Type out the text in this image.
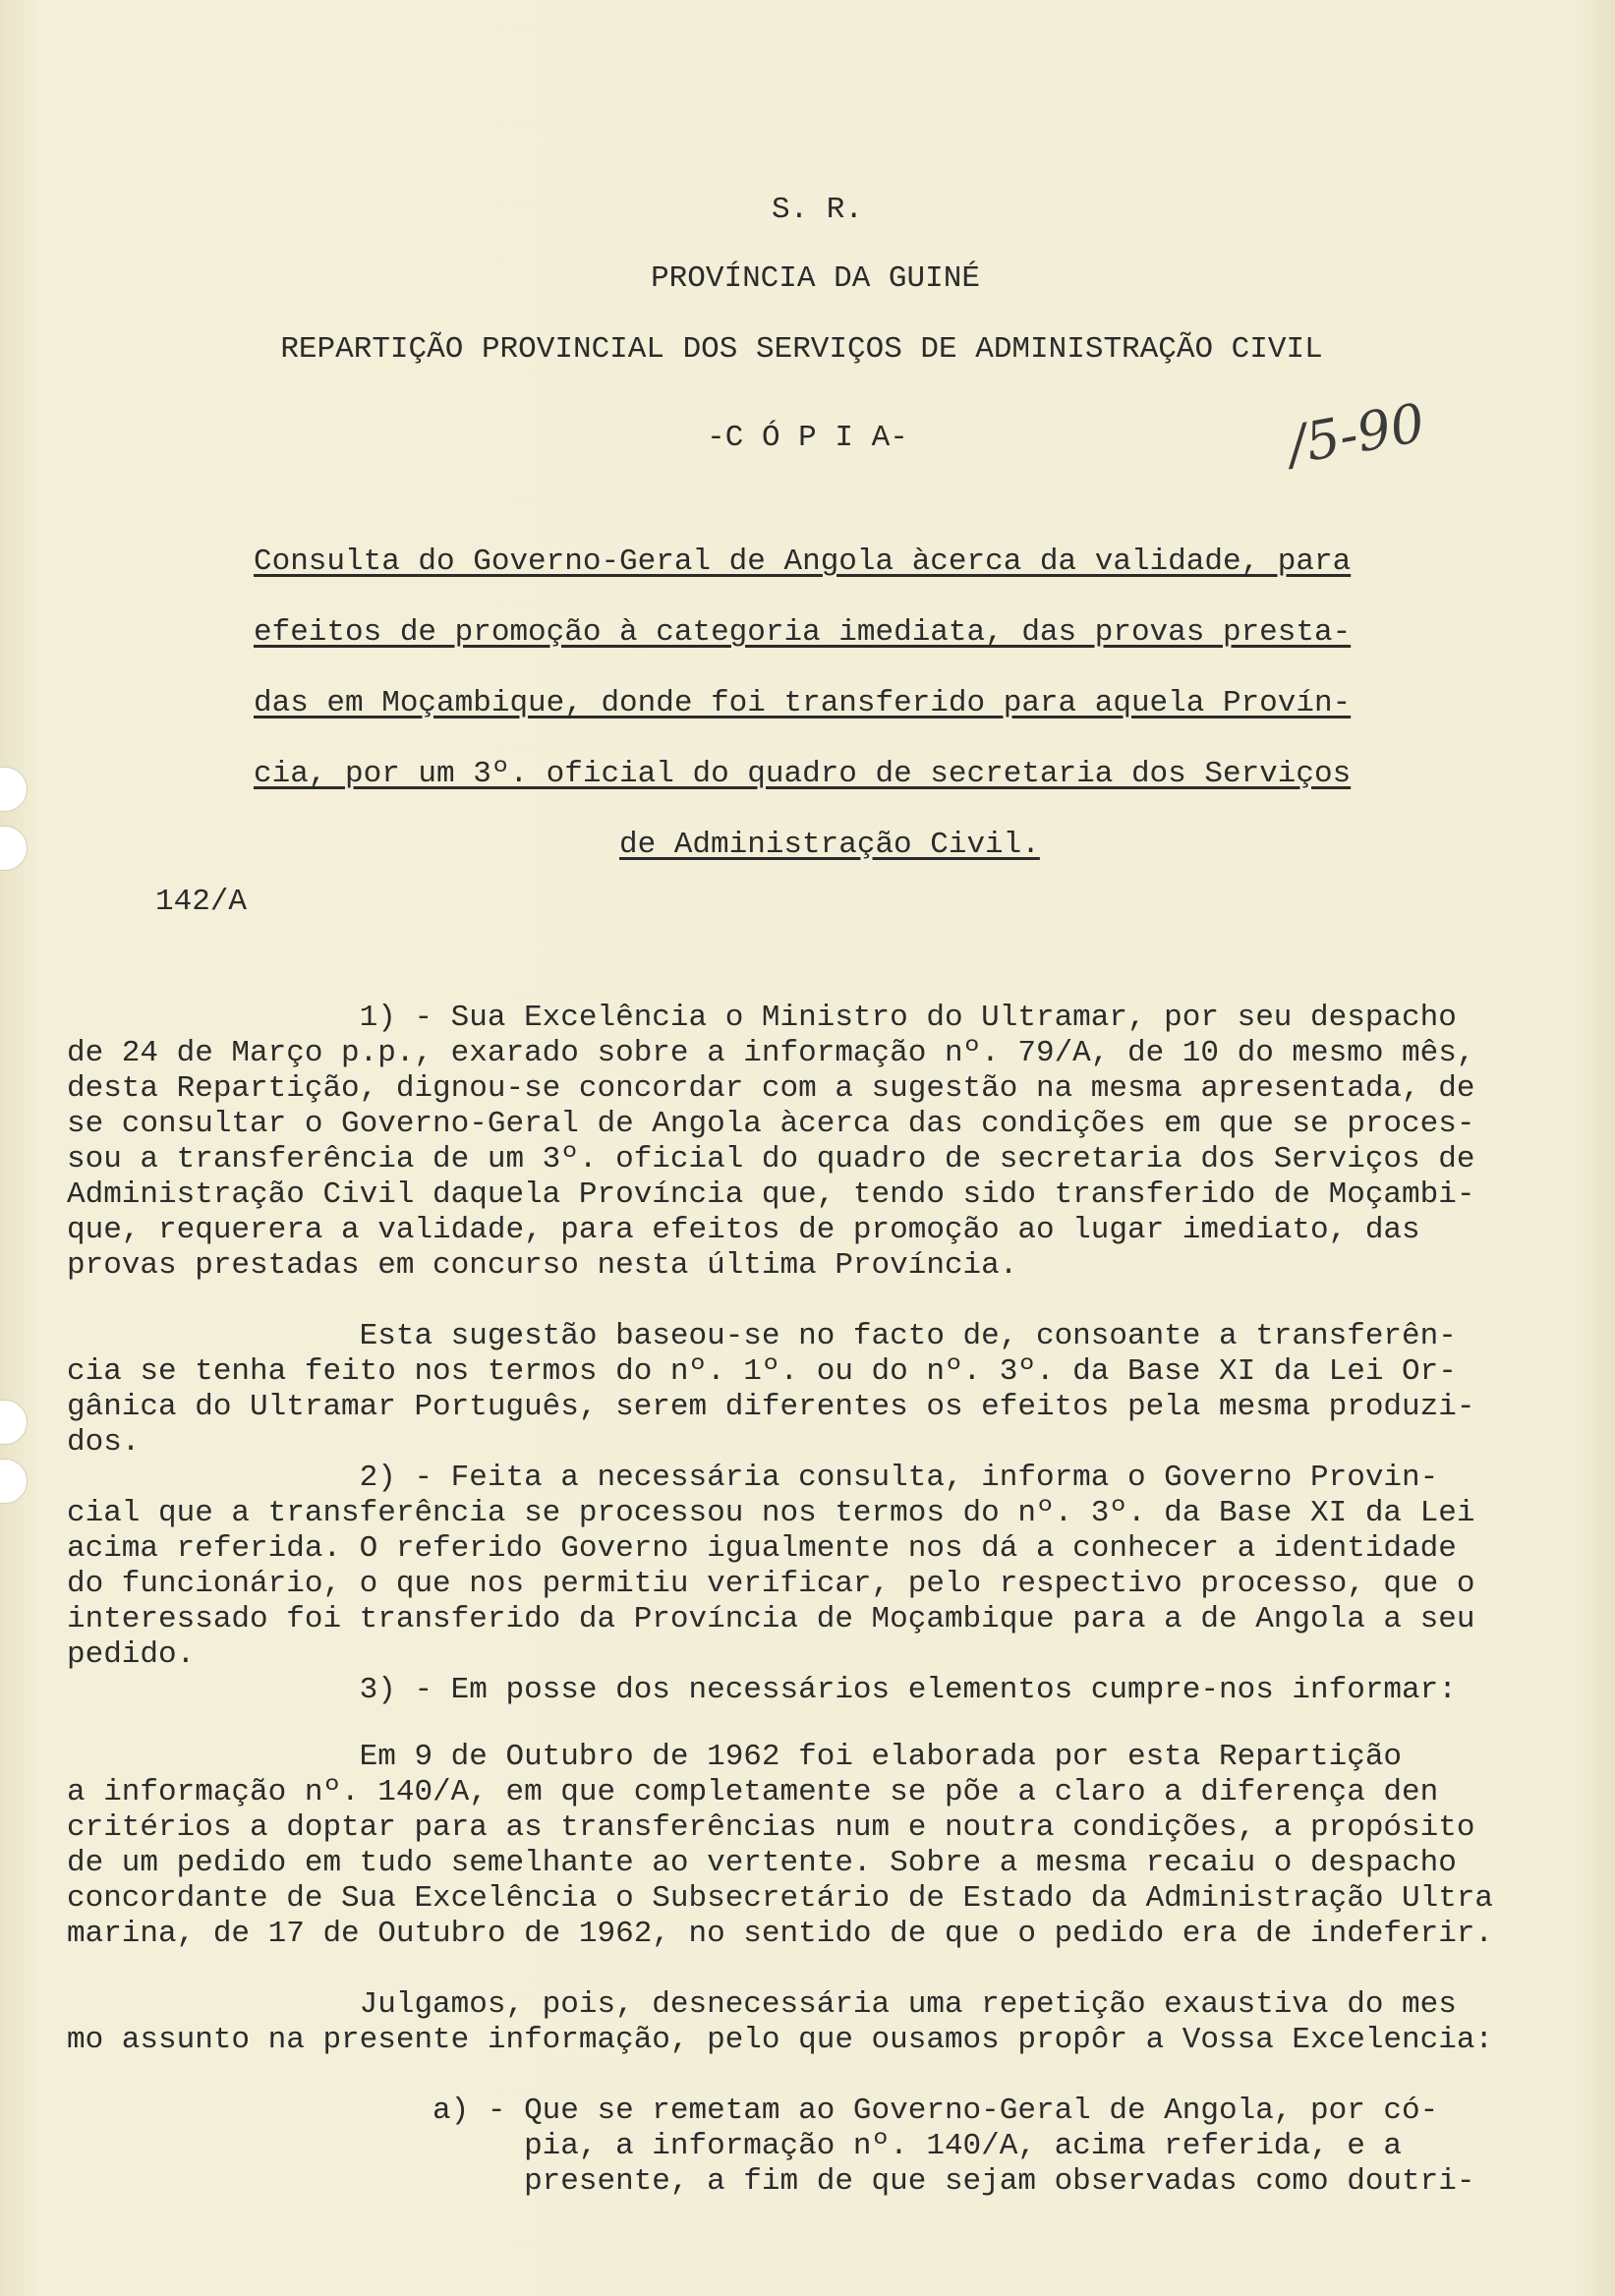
S. R.
PROVÍNCIA DA GUINÉ
REPARTIÇÃO PROVINCIAL DOS SERVIÇOS DE ADMINISTRAÇÃO CIVIL
-C Ó P I A-	/5-90
Consulta do Governo-Geral de Angola àcerca da validade, para
efeitos de promoção à categoria imediata, das provas presta-
das em Moçambique, donde foi transferido para aquela Provín-
cia, por um 3º. oficial do quadro de secretaria dos Serviços
de Administração Civil.
142/A
1) - Sua Excelência o Ministro do Ultramar, por seu despacho
de 24 de Março p.p., exarado sobre a informação nº. 79/A, de 10 do mesmo mês,
desta Repartição, dignou-se concordar com a sugestão na mesma apresentada, de
se consultar o Governo-Geral de Angola àcerca das condições em que se proces-
sou a transferência de um 3º. oficial do quadro de secretaria dos Serviços de
Administração Civil daquela Província que, tendo sido transferido de Moçambi-
que, requerera a validade, para efeitos de promoção ao lugar imediato, das
provas prestadas em concurso nesta última Província.
Esta sugestão baseou-se no facto de, consoante a transferên-
cia se tenha feito nos termos do nº. 1º. ou do nº. 3º. da Base XI da Lei Or-
gânica do Ultramar Português, serem diferentes os efeitos pela mesma produzi-
dos.
2) - Feita a necessária consulta, informa o Governo Provin-
cial que a transferência se processou nos termos do nº. 3º. da Base XI da Lei
acima referida. O referido Governo igualmente nos dá a conhecer a identidade
do funcionário, o que nos permitiu verificar, pelo respectivo processo, que o
interessado foi transferido da Província de Moçambique para a de Angola a seu
pedido.
3) - Em posse dos necessários elementos cumpre-nos informar:
Em 9 de Outubro de 1962 foi elaborada por esta Repartição
a informação nº. 140/A, em que completamente se põe a claro a diferença den
critérios a doptar para as transferências num e noutra condições, a propósito
de um pedido em tudo semelhante ao vertente. Sobre a mesma recaiu o despacho
concordante de Sua Excelência o Subsecretário de Estado da Administração Ultra
marina, de 17 de Outubro de 1962, no sentido de que o pedido era de indeferir.
Julgamos, pois, desnecessária uma repetição exaustiva do mes
mo assunto na presente informação, pelo que ousamos propôr a Vossa Excelencia:
a) - Que se remetam ao Governo-Geral de Angola, por có-
pia, a informação nº. 140/A, acima referida, e a
presente, a fim de que sejam observadas como doutri-
